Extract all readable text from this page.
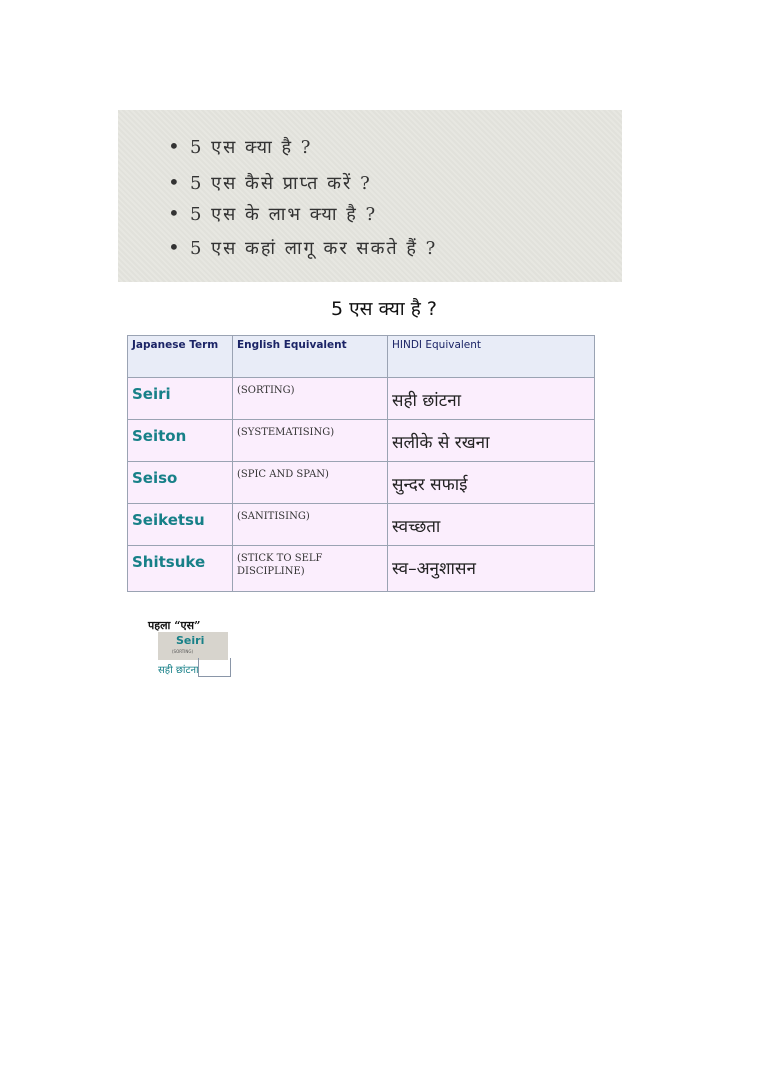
• 5 एस क्या है ?
• 5 एस कैसे प्राप्त करें ?
• 5 एस के लाभ क्या है ?
• 5 एस कहां लागू कर सकते हैं ?
5 एस क्या है ?
Japanese Term	English Equivalent	HINDI Equivalent
Seiri	(SORTING)	सही छांटना
Seiton	(SYSTEMATISING)	सलीके से रखना
Seiso	(SPIC AND SPAN)	सुन्दर सफाई
Seiketsu	(SANITISING)	स्वच्छता
Shitsuke	(STICK TO SELF DISCIPLINE)	स्व–अनुशासन
पहला “एस”
Seiri
(SORTING)
सही छांटना
